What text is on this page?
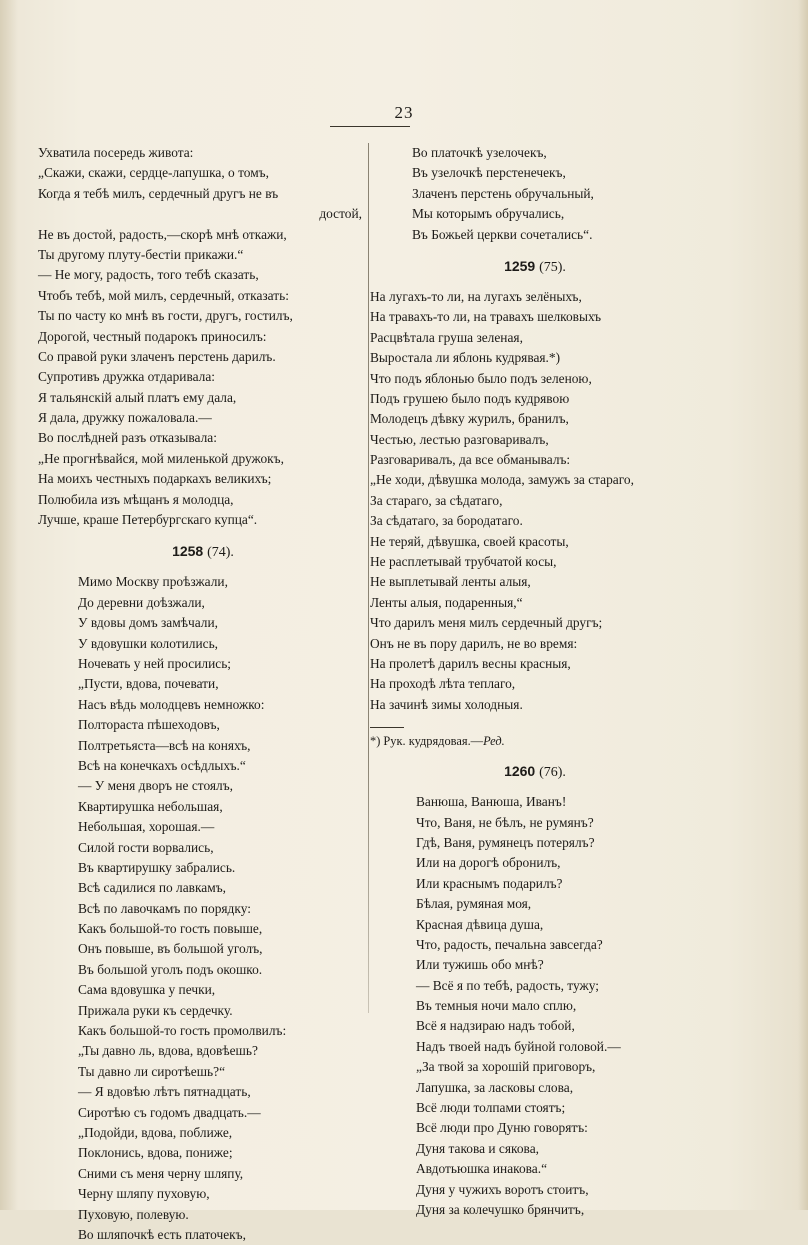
23
Ухватила посередь живота:
„Скажи, скажи, сердце-лапушка, о томъ,
Когда я тебѣ милъ, сердечный другъ не въ
достой,
Не въ достой, радость,—скорѣ мнѣ откажи,
Ты другому плуту-бестіи прикажи.“
— Не могу, радость, того тебѣ сказать,
Чтобъ тебѣ, мой милъ, сердечный, отказать:
Ты по часту ко мнѣ въ гости, другъ, гостилъ,
Дорогой, честный подарокъ приносилъ:
Со правой руки злаченъ перстень дарилъ.
Супротивъ дружка отдаривала:
Я тальянскій алый платъ ему дала,
Я дала, дружку пожаловала.—
Во послѣдней разъ отказывала:
„Не прогнѣвайся, мой миленькой дружокъ,
На моихъ честныхъ подаркахъ великихъ;
Полюбила изъ мѣщанъ я молодца,
Лучше, краше Петербургскаго купца“.
1258 (74).
Мимо Москву проѣзжали,
До деревни доѣзжали,
У вдовы домъ замѣчали,
У вдовушки колотились,
Ночевать у ней просились;
„Пусти, вдова, почевати,
Насъ вѣдь молодцевъ немножко:
Полтораста пѣшеходовъ,
Полтретьяста—всѣ на коняхъ,
Всѣ на конечкахъ осѣдлыхъ.“
— У меня дворъ не стоялъ,
Квартирушка небольшая,
Небольшая, хорошая.—
Силой гости ворвались,
Въ квартирушку забрались.
Всѣ садилися по лавкамъ,
Всѣ по лавочкамъ по порядку:
Какъ большой-то гость повыше,
Онъ повыше, въ большой уголъ,
Въ большой уголъ подъ окошко.
Сама вдовушка у печки,
Прижала руки къ сердечку.
Какъ большой-то гость промолвилъ:
„Ты давно ль, вдова, вдовѣешь?
Ты давно ли сиротѣешь?“
— Я вдовѣю лѣтъ пятнадцать,
Сиротѣю съ годомъ двадцать.—
„Подойди, вдова, поближе,
Поклонись, вдова, пониже;
Сними съ меня черну шляпу,
Черну шляпу пуховую,
Пуховую, полевую.
Во шляпочкѣ есть платочекъ,
Во платочкѣ узелочекъ,
Въ узелочкѣ перстенечекъ,
Злаченъ перстень обручальный,
Мы которымъ обручались,
Въ Божьей церкви сочетались“.
1259 (75).
На лугахъ-то ли, на лугахъ зелёныхъ,
На травахъ-то ли, на травахъ шелковыхъ
Расцвѣтала груша зеленая,
Выростала ли яблонь кудрявая.*)
Что подъ яблонью было подъ зеленою,
Подъ грушею было подъ кудрявою
Молодецъ дѣвку журилъ, бранилъ,
Честью, лестью разговаривалъ,
Разговаривалъ, да все обманывалъ:
„Не ходи, дѣвушка молода, замужъ за стараго,
За стараго, за сѣдатаго,
За сѣдатаго, за бородатаго.
Не теряй, дѣвушка, своей красоты,
Не расплетывай трубчатой косы,
Не выплетывай ленты алыя,
Ленты алыя, подаренныя,“
Что дарилъ меня милъ сердечный другъ;
Онъ не въ пору дарилъ, не во время:
На пролетѣ дарилъ весны красныя,
На проходѣ лѣта теплаго,
На зачинѣ зимы холодныя.
*) Рук. кудрядовая.—Ред.
1260 (76).
Ванюша, Ванюша, Иванъ!
Что, Ваня, не бѣлъ, не румянъ?
Гдѣ, Ваня, румянецъ потерялъ?
Или на дорогѣ обронилъ,
Или краснымъ подарилъ?
Бѣлая, румяная моя,
Красная дѣвица душа,
Что, радость, печальна завсегда?
Или тужишь обо мнѣ?
— Всё я по тебѣ, радость, тужу;
Въ темныя ночи мало сплю,
Всё я надзираю надъ тобой,
Надъ твоей надъ буйной головой.—
„За твой за хорошій приговоръ,
Лапушка, за ласковы слова,
Всё люди толпами стоятъ;
Всё люди про Дуню говорятъ:
Дуня такова и сякова,
Авдотьюшка инакова.“
Дуня у чужихъ воротъ стоитъ,
Дуня за колечушко брянчитъ,
